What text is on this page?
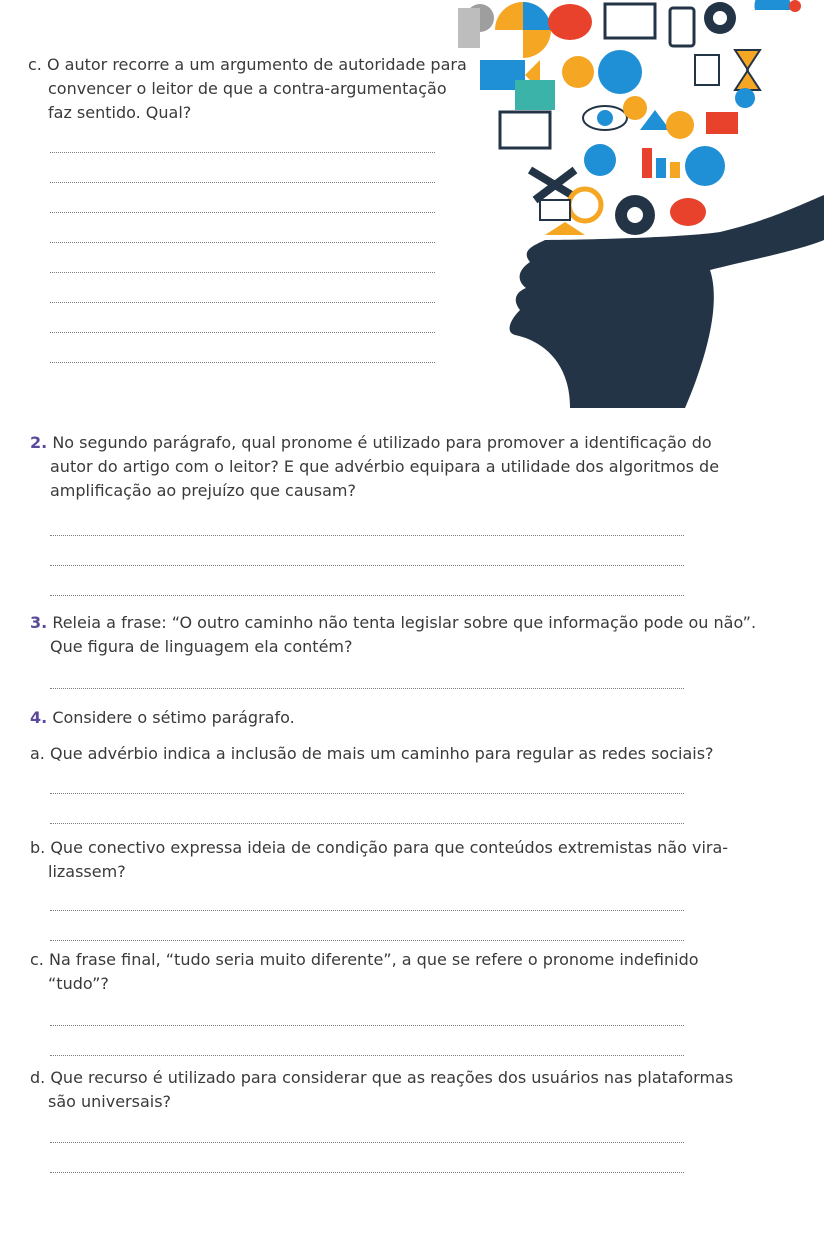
c. O autor recorre a um argumento de autoridade para
convencer o leitor de que a contra-argumentação
faz sentido. Qual?
2. No segundo parágrafo, qual pronome é utilizado para promover a identificação do
autor do artigo com o leitor? E que advérbio equipara a utilidade dos algoritmos de
amplificação ao prejuízo que causam?
3. Releia a frase: “O outro caminho não tenta legislar sobre que informação pode ou não”.
Que figura de linguagem ela contém?
4. Considere o sétimo parágrafo.
a. Que advérbio indica a inclusão de mais um caminho para regular as redes sociais?
b. Que conectivo expressa ideia de condição para que conteúdos extremistas não vira-
lizassem?
c. Na frase final, “tudo seria muito diferente”, a que se refere o pronome indefinido
“tudo”?
d. Que recurso é utilizado para considerar que as reações dos usuários nas plataformas
são universais?
